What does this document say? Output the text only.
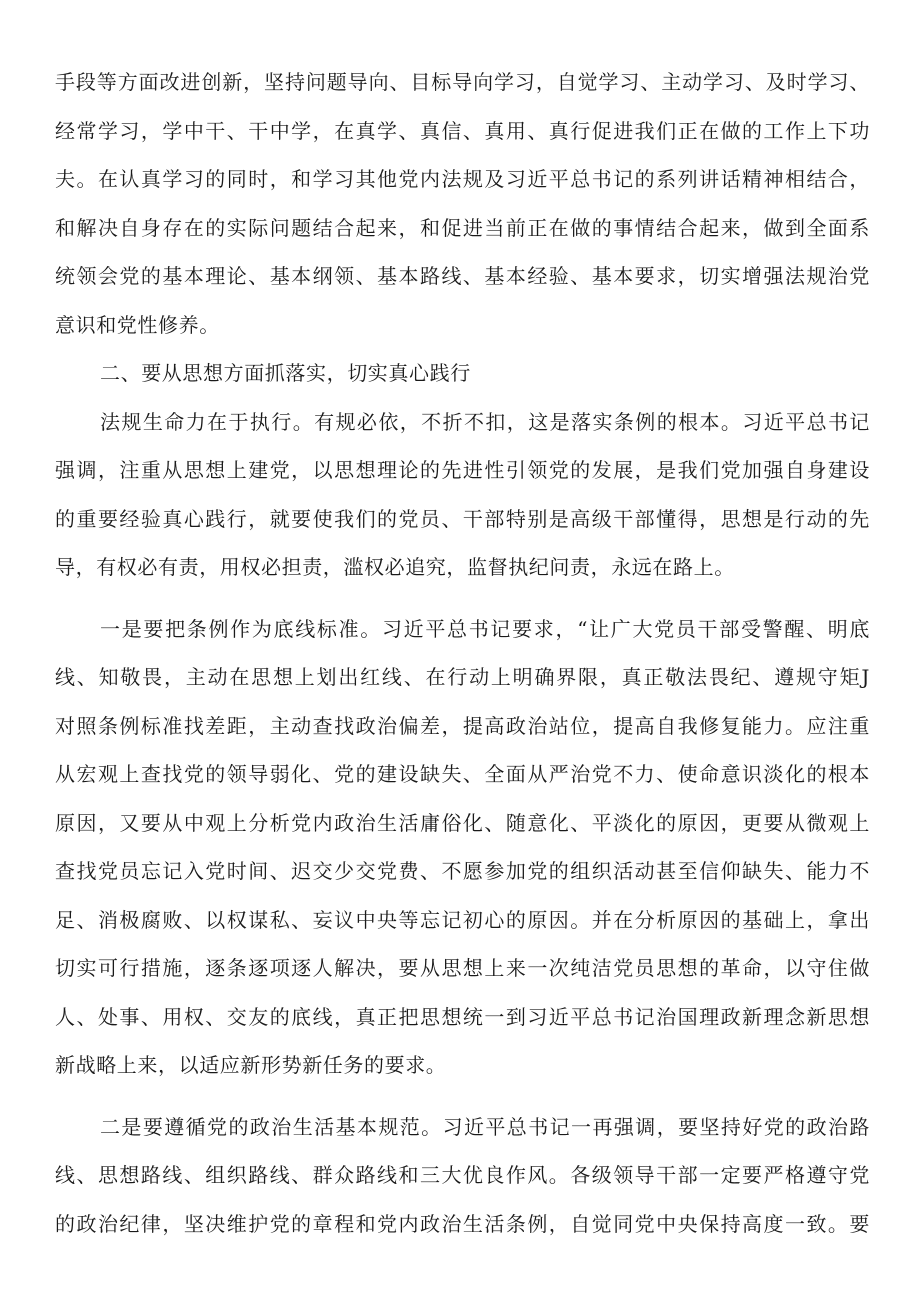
手段等方面改进创新，坚持问题导向、目标导向学习，自觉学习、主动学习、及时学习、
经常学习，学中干、干中学，在真学、真信、真用、真行促进我们正在做的工作上下功
夫。在认真学习的同时，和学习其他党内法规及习近平总书记的系列讲话精神相结合，
和解决自身存在的实际问题结合起来，和促进当前正在做的事情结合起来，做到全面系
统领会党的基本理论、基本纲领、基本路线、基本经验、基本要求，切实增强法规治党
意识和党性修养。
二、要从思想方面抓落实，切实真心践行
法规生命力在于执行。有规必依，不折不扣，这是落实条例的根本。习近平总书记
强调，注重从思想上建党，以思想理论的先进性引领党的发展，是我们党加强自身建设
的重要经验真心践行，就要使我们的党员、干部特别是高级干部懂得，思想是行动的先
导，有权必有责，用权必担责，滥权必追究，监督执纪问责，永远在路上。
一是要把条例作为底线标准。习近平总书记要求，“让广大党员干部受警醒、明底
线、知敬畏，主动在思想上划出红线、在行动上明确界限，真正敬法畏纪、遵规守矩J
对照条例标准找差距，主动查找政治偏差，提高政治站位，提高自我修复能力。应注重
从宏观上查找党的领导弱化、党的建设缺失、全面从严治党不力、使命意识淡化的根本
原因，又要从中观上分析党内政治生活庸俗化、随意化、平淡化的原因，更要从微观上
查找党员忘记入党时间、迟交少交党费、不愿参加党的组织活动甚至信仰缺失、能力不
足、消极腐败、以权谋私、妄议中央等忘记初心的原因。并在分析原因的基础上，拿出
切实可行措施，逐条逐项逐人解决，要从思想上来一次纯洁党员思想的革命，以守住做
人、处事、用权、交友的底线，真正把思想统一到习近平总书记治国理政新理念新思想
新战略上来，以适应新形势新任务的要求。
二是要遵循党的政治生活基本规范。习近平总书记一再强调，要坚持好党的政治路
线、思想路线、组织路线、群众路线和三大优良作风。各级领导干部一定要严格遵守党
的政治纪律，坚决维护党的章程和党内政治生活条例，自觉同党中央保持高度一致。要
